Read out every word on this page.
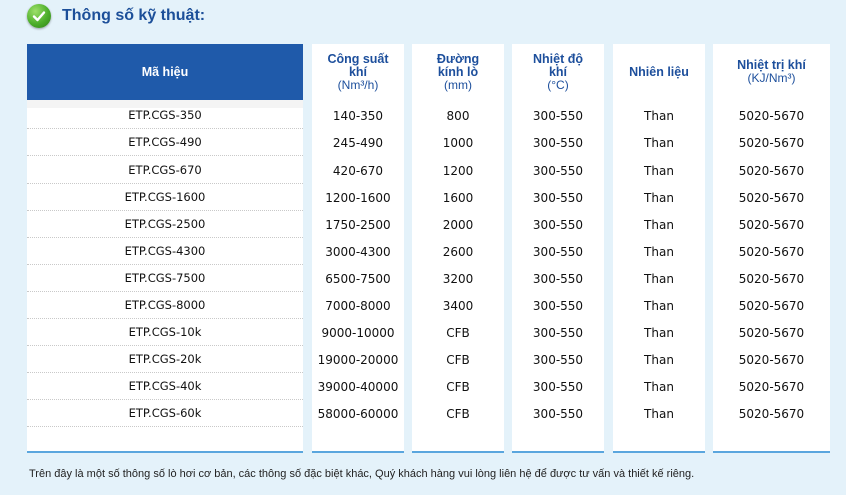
Thông số kỹ thuật:
Mã hiệu
ETP.CGS-350
ETP.CGS-490
ETP.CGS-670
ETP.CGS-1600
ETP.CGS-2500
ETP.CGS-4300
ETP.CGS-7500
ETP.CGS-8000
ETP.CGS-10k
ETP.CGS-20k
ETP.CGS-40k
ETP.CGS-60k
Công suất khí
(Nm³/h)
140-350
245-490
420-670
1200-1600
1750-2500
3000-4300
6500-7500
7000-8000
9000-10000
19000-20000
39000-40000
58000-60000
Đường kính lò
(mm)
800
1000
1200
1600
2000
2600
3200
3400
CFB
CFB
CFB
CFB
Nhiệt độ khí
(°C)
300-550
300-550
300-550
300-550
300-550
300-550
300-550
300-550
300-550
300-550
300-550
300-550
Nhiên liệu
Than
Than
Than
Than
Than
Than
Than
Than
Than
Than
Than
Than
Nhiệt trị khí
(KJ/Nm³)
5020-5670
5020-5670
5020-5670
5020-5670
5020-5670
5020-5670
5020-5670
5020-5670
5020-5670
5020-5670
5020-5670
5020-5670
Trên đây là một số thông số lò hơi cơ bản, các thông số đặc biệt khác, Quý khách hàng vui lòng liên hệ để được tư vấn và thiết kế riêng.
